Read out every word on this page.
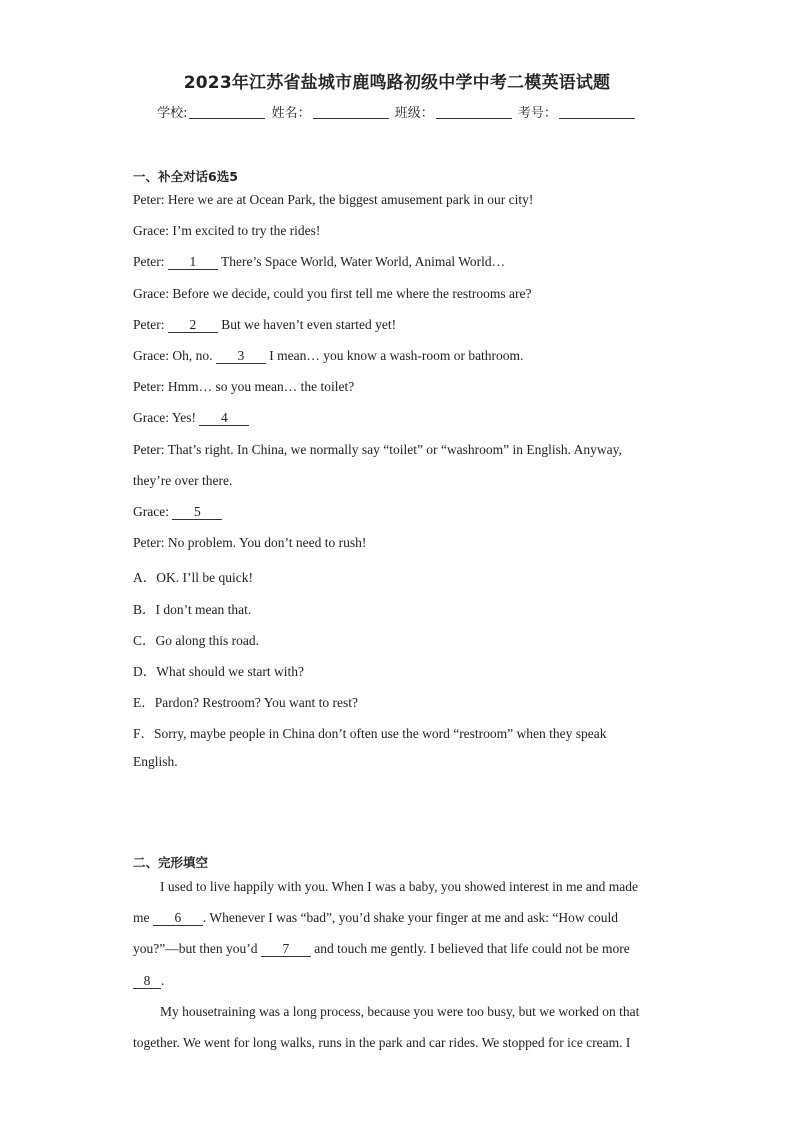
2023年江苏省盐城市鹿鸣路初级中学中考二模英语试题
学校:	姓名：	班级：	考号：
一、补全对话6选5
Peter: Here we are at Ocean Park, the biggest amusement park in our city!
Grace: I’m excited to try the rides!
Peter: 1 There’s Space World, Water World, Animal World…
Grace: Before we decide, could you first tell me where the restrooms are?
Peter: 2 But we haven’t even started yet!
Grace: Oh, no. 3 I mean… you know a wash-room or bathroom.
Peter: Hmm… so you mean… the toilet?
Grace: Yes! 4
Peter: That’s right. In China, we normally say “toilet” or “washroom” in English. Anyway,
they’re over there.
Grace: 5
Peter: No problem. You don’t need to rush!
A．OK. I’ll be quick!
B．I don’t mean that.
C．Go along this road.
D．What should we start with?
E．Pardon? Restroom? You want to rest?
F．Sorry, maybe people in China don’t often use the word “restroom” when they speak
English.
二、完形填空
I used to live happily with you. When I was a baby, you showed interest in me and made
me 6 . Whenever I was “bad”, you’d shake your finger at me and ask: “How could
you?”—but then you’d 7 and touch me gently. I believed that life could not be more
8 .
My housetraining was a long process, because you were too busy, but we worked on that
together. We went for long walks, runs in the park and car rides. We stopped for ice cream. I
